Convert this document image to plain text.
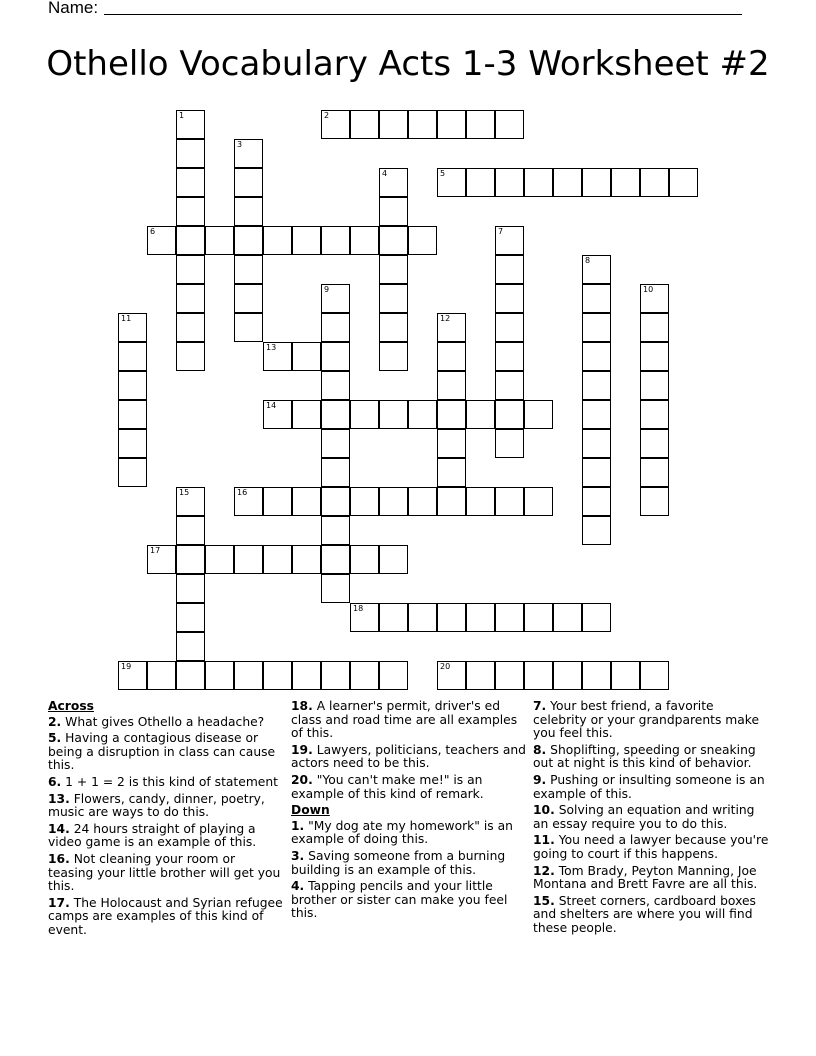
Name:
Othello Vocabulary Acts 1-3 Worksheet #2
2
5
6
13
14
16
17
18
19	20
1
3
4
7
8
9	10
11	12
15
Across
2. What gives Othello a headache?
5. Having a contagious disease or being a disruption in class can cause this.
6. 1 + 1 = 2 is this kind of statement
13. Flowers, candy, dinner, poetry, music are ways to do this.
14. 24 hours straight of playing a video game is an example of this.
16. Not cleaning your room or teasing your little brother will get you this.
17. The Holocaust and Syrian refugee camps are examples of this kind of event.
18. A learner's permit, driver's ed class and road time are all examples of this.
19. Lawyers, politicians, teachers and actors need to be this.
20. "You can't make me!" is an example of this kind of remark.
Down
1. "My dog ate my homework" is an example of doing this.
3. Saving someone from a burning building is an example of this.
4. Tapping pencils and your little brother or sister can make you feel this.
7. Your best friend, a favorite celebrity or your grandparents make you feel this.
8. Shoplifting, speeding or sneaking out at night is this kind of behavior.
9. Pushing or insulting someone is an example of this.
10. Solving an equation and writing an essay require you to do this.
11. You need a lawyer because you're going to court if this happens.
12. Tom Brady, Peyton Manning, Joe Montana and Brett Favre are all this.
15. Street corners, cardboard boxes and shelters are where you will find these people.
